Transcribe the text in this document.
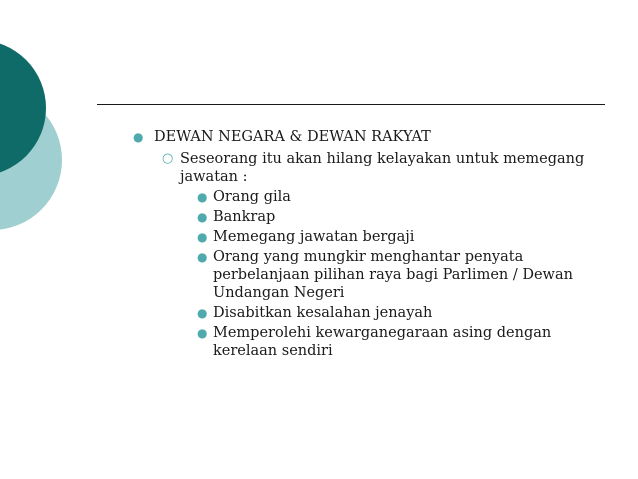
● DEWAN NEGARA & DEWAN RAKYAT
○ Seseorang itu akan hilang kelayakan untuk memegang jawatan :
● Orang gila
● Bankrap
● Memegang jawatan bergaji
● Orang yang mungkir menghantar penyata perbelanjaan pilihan raya bagi Parlimen / Dewan Undangan Negeri
● Disabitkan kesalahan jenayah
● Memperolehi kewarganegaraan asing dengan kerelaan sendiri
